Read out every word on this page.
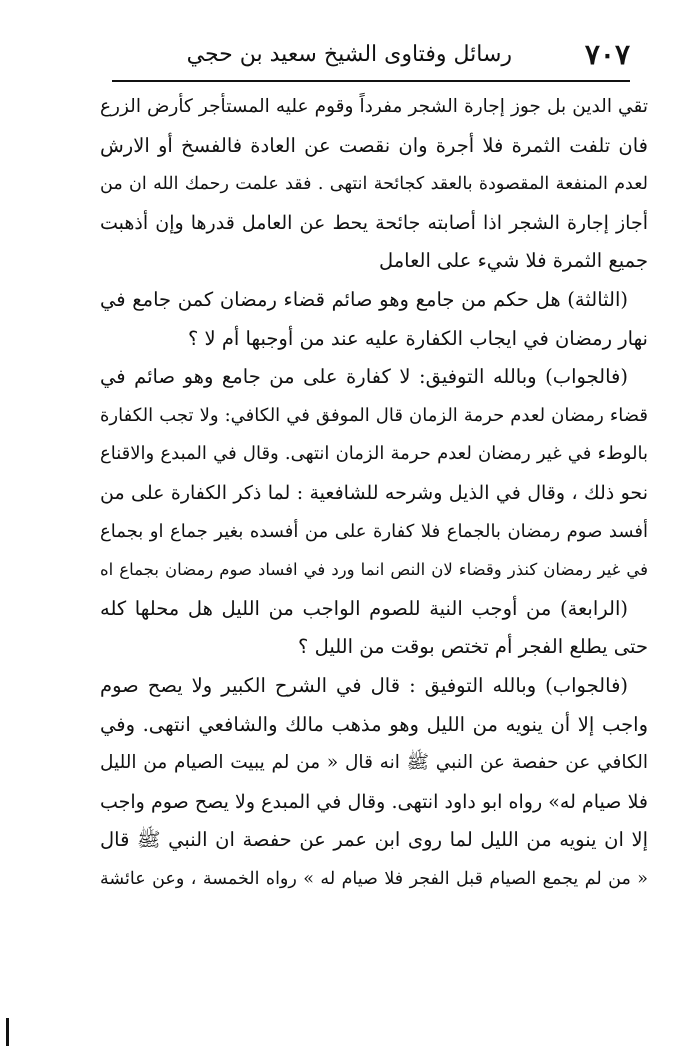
رسائل وفتاوى الشيخ سعيد بن حجي	٧٠٧
تقي الدين بل جوز إجارة الشجر مفرداً وقوم عليه المستأجر كأرض الزرع
فان تلفت الثمرة فلا أجرة وان نقصت عن العادة فالفسخ أو الارش
لعدم المنفعة المقصودة بالعقد كجائحة انتهى . فقد علمت رحمك الله ان من
أجاز إجارة الشجر اذا أصابته جائحة يحط عن العامل قدرها وإن أذهبت
جميع الثمرة فلا شيء على العامل
(الثالثة) هل حكم من جامع وهو صائم قضاء رمضان كمن جامع في
نهار رمضان في ايجاب الكفارة عليه عند من أوجبها أم لا ؟
(فالجواب) وبالله التوفيق: لا كفارة على من جامع وهو صائم في
قضاء رمضان لعدم حرمة الزمان قال الموفق في الكافي: ولا تجب الكفارة
بالوطء في غير رمضان لعدم حرمة الزمان انتهى. وقال في المبدع والاقناع
نحو ذلك ، وقال في الذيل وشرحه للشافعية : لما ذكر الكفارة على من
أفسد صوم رمضان بالجماع فلا كفارة على من أفسده بغير جماع او بجماع
في غير رمضان كنذر وقضاء لان النص انما ورد في افساد صوم رمضان بجماع اه
(الرابعة) من أوجب النية للصوم الواجب من الليل هل محلها كله
حتى يطلع الفجر أم تختص بوقت من الليل ؟
(فالجواب) وبالله التوفيق : قال في الشرح الكبير ولا يصح صوم
واجب إلا أن ينويه من الليل وهو مذهب مالك والشافعي انتهى. وفي
الكافي عن حفصة عن النبي ﷺ انه قال « من لم يبيت الصيام من الليل
فلا صيام له» رواه ابو داود انتهى. وقال في المبدع ولا يصح صوم واجب
إلا ان ينويه من الليل لما روى ابن عمر عن حفصة ان النبي ﷺ قال
« من لم يجمع الصيام قبل الفجر فلا صيام له » رواه الخمسة ، وعن عائشة
